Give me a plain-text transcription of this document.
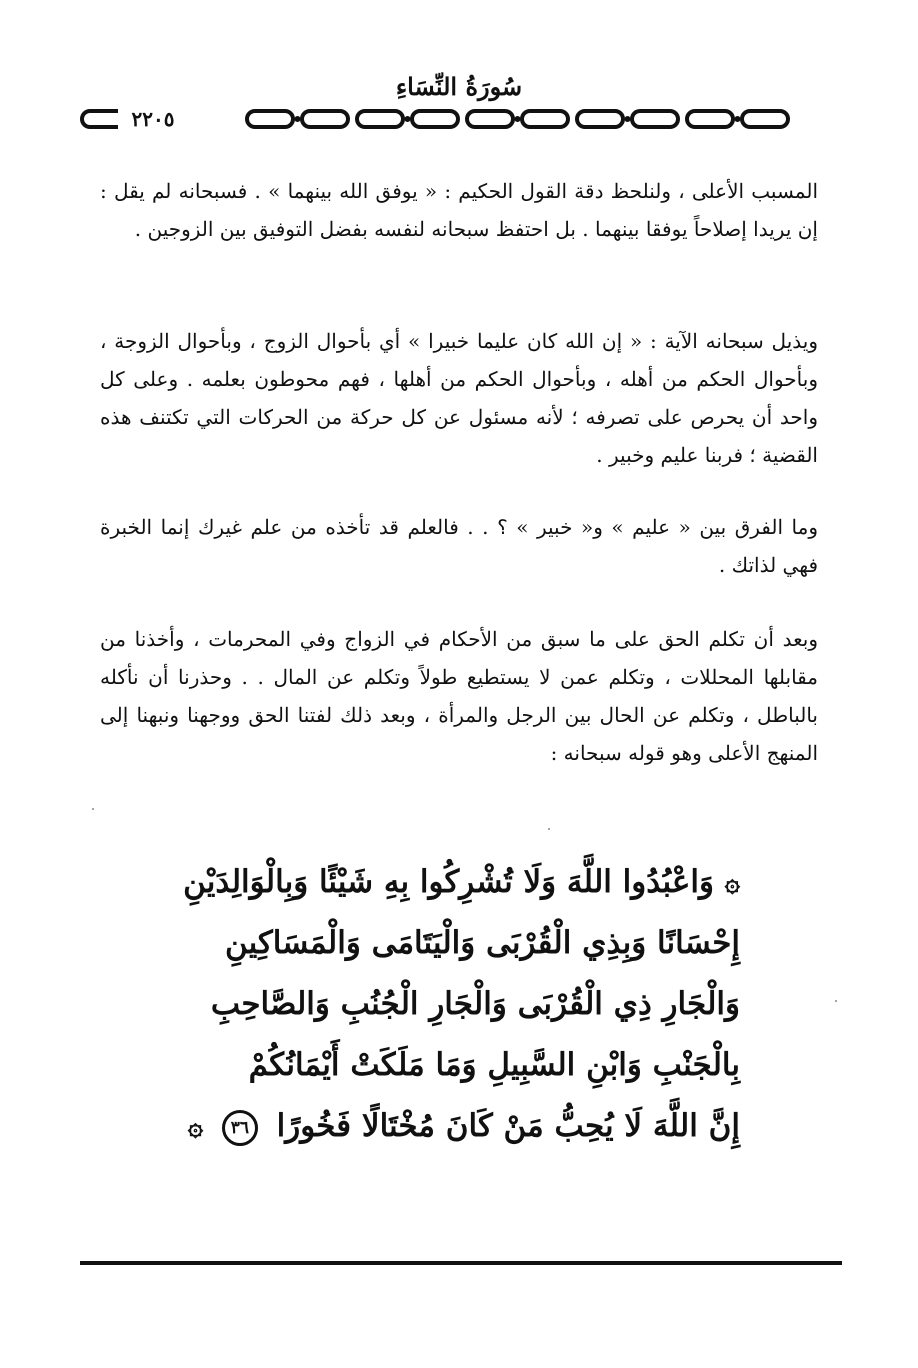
سُورَةُ النِّسَاءِ
٢٢٠٥

المسبب الأعلى ، ولنلحظ دقة القول الحكيم : « يوفق الله بينهما » . فسبحانه لم يقل : إن يريدا إصلاحاً يوفقا بينهما . بل احتفظ سبحانه لنفسه بفضل التوفيق بين الزوجين .

ويذيل سبحانه الآية : « إن الله كان عليما خبيرا » أي بأحوال الزوج ، وبأحوال الزوجة ، وبأحوال الحكم من أهله ، وبأحوال الحكم من أهلها ، فهم محوطون بعلمه . وعلى كل واحد أن يحرص على تصرفه ؛ لأنه مسئول عن كل حركة من الحركات التي تكتنف هذه القضية ؛ فربنا عليم وخبير .

وما الفرق بين « عليم » و« خبير » ؟ . . فالعلم قد تأخذه من علم غيرك إنما الخبرة فهي لذاتك .

وبعد أن تكلم الحق على ما سبق من الأحكام في الزواج وفي المحرمات ، وأخذنا من مقابلها المحللات ، وتكلم عمن لا يستطيع طولاً وتكلم عن المال . . وحذرنا أن نأكله بالباطل ، وتكلم عن الحال بين الرجل والمرأة ، وبعد ذلك لفتنا الحق ووجهنا ونبهنا إلى المنهج الأعلى وهو قوله سبحانه :

۞ وَاعْبُدُوا اللَّهَ وَلَا تُشْرِكُوا بِهِ شَيْئًا وَبِالْوَالِدَيْنِ
إِحْسَانًا وَبِذِي الْقُرْبَى وَالْيَتَامَى وَالْمَسَاكِينِ
وَالْجَارِ ذِي الْقُرْبَى وَالْجَارِ الْجُنُبِ وَالصَّاحِبِ
بِالْجَنْبِ وَابْنِ السَّبِيلِ وَمَا مَلَكَتْ أَيْمَانُكُمْ
إِنَّ اللَّهَ لَا يُحِبُّ مَنْ كَانَ مُخْتَالًا فَخُورًا ٣٦ ۞
